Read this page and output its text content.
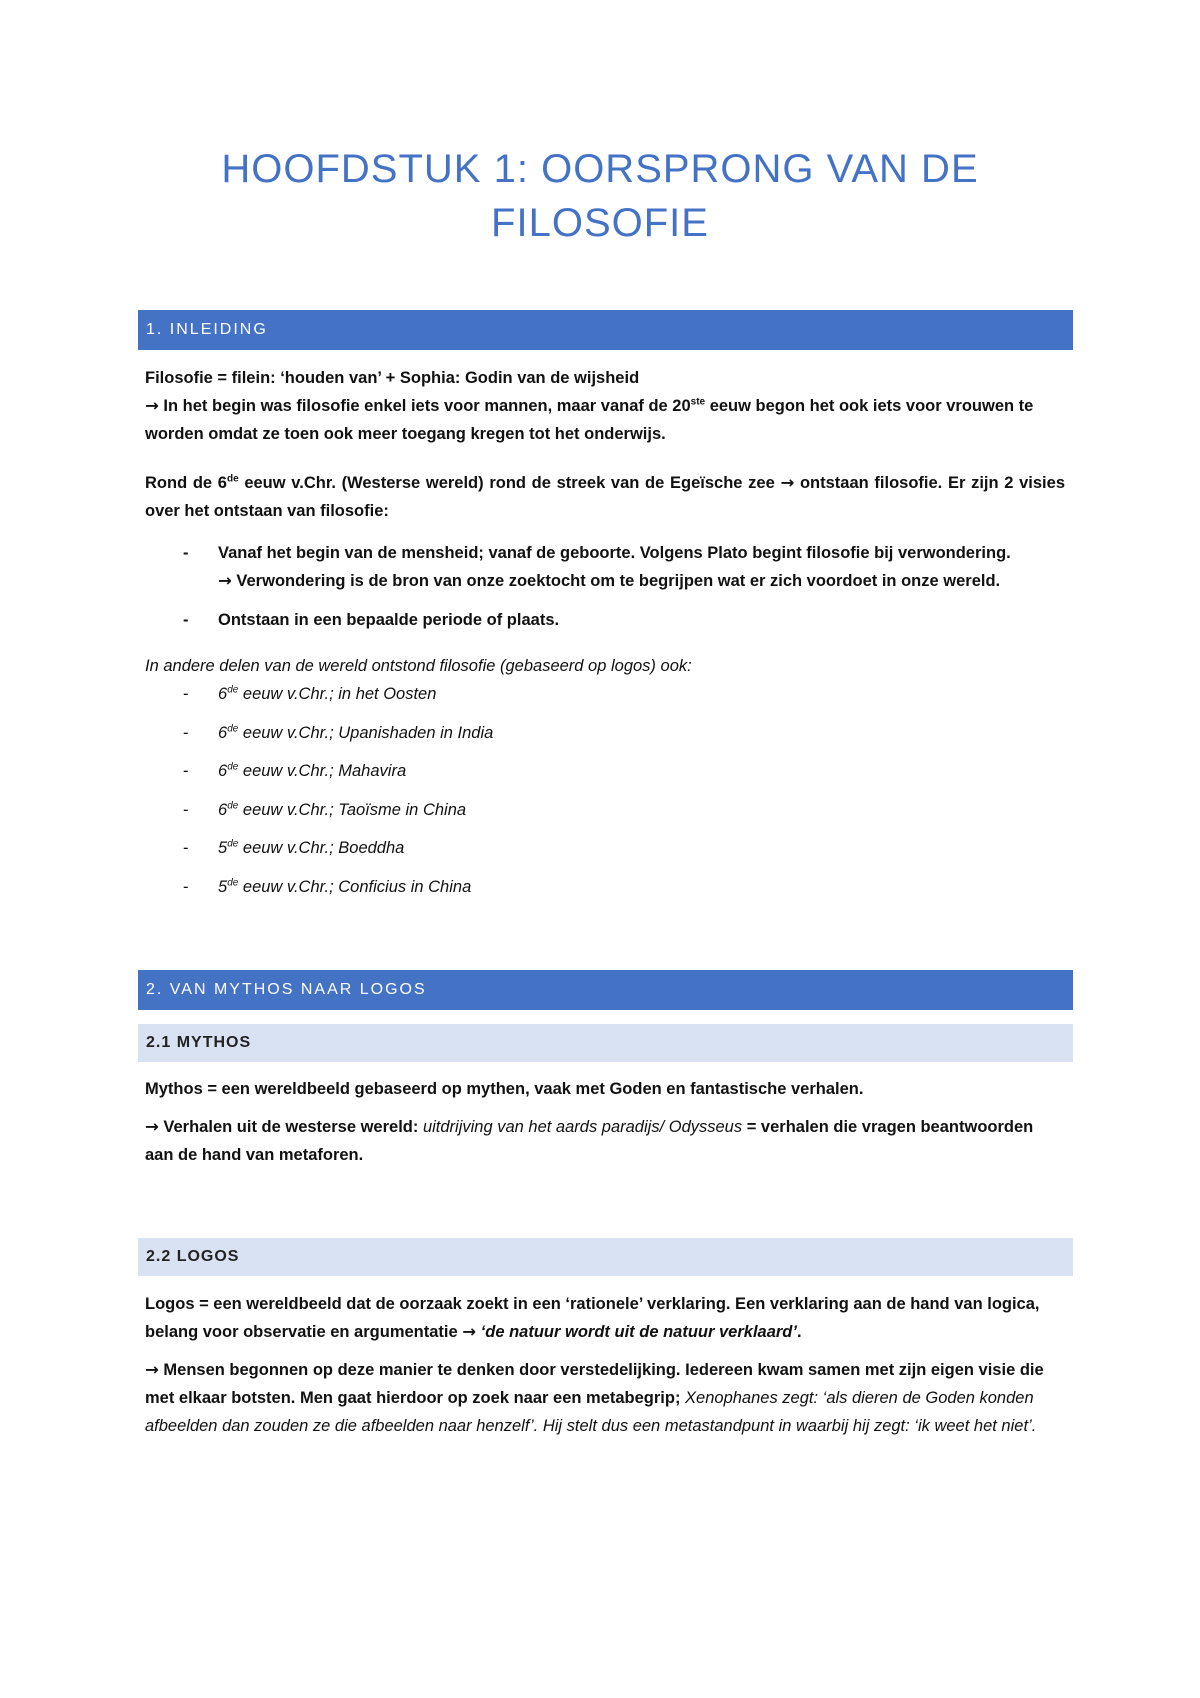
HOOFDSTUK 1: OORSPRONG VAN DE
FILOSOFIE
1. INLEIDING
Filosofie = filein: ‘houden van’ + Sophia: Godin van de wijsheid
→ In het begin was filosofie enkel iets voor mannen, maar vanaf de 20ste eeuw begon het ook iets voor vrouwen te worden omdat ze toen ook meer toegang kregen tot het onderwijs.
Rond de 6de eeuw v.Chr. (Westerse wereld) rond de streek van de Egeïsche zee → ontstaan filosofie. Er zijn 2 visies over het ontstaan van filosofie:
- Vanaf het begin van de mensheid; vanaf de geboorte. Volgens Plato begint filosofie bij verwondering.
→ Verwondering is de bron van onze zoektocht om te begrijpen wat er zich voordoet in onze wereld.
- Ontstaan in een bepaalde periode of plaats.
In andere delen van de wereld ontstond filosofie (gebaseerd op logos) ook:
- 6de eeuw v.Chr.; in het Oosten
- 6de eeuw v.Chr.; Upanishaden in India
- 6de eeuw v.Chr.; Mahavira
- 6de eeuw v.Chr.; Taoïsme in China
- 5de eeuw v.Chr.; Boeddha
- 5de eeuw v.Chr.; Conficius in China
2. VAN MYTHOS NAAR LOGOS
2.1 MYTHOS
Mythos = een wereldbeeld gebaseerd op mythen, vaak met Goden en fantastische verhalen.
→ Verhalen uit de westerse wereld: uitdrijving van het aards paradijs/ Odysseus = verhalen die vragen beantwoorden aan de hand van metaforen.
2.2 LOGOS
Logos = een wereldbeeld dat de oorzaak zoekt in een ‘rationele’ verklaring. Een verklaring aan de hand van logica, belang voor observatie en argumentatie → ‘de natuur wordt uit de natuur verklaard’.
→ Mensen begonnen op deze manier te denken door verstedelijking. Iedereen kwam samen met zijn eigen visie die met elkaar botsten. Men gaat hierdoor op zoek naar een metabegrip; Xenophanes zegt: ‘als dieren de Goden konden afbeelden dan zouden ze die afbeelden naar henzelf’. Hij stelt dus een metastandpunt in waarbij hij zegt: ‘ik weet het niet’.
